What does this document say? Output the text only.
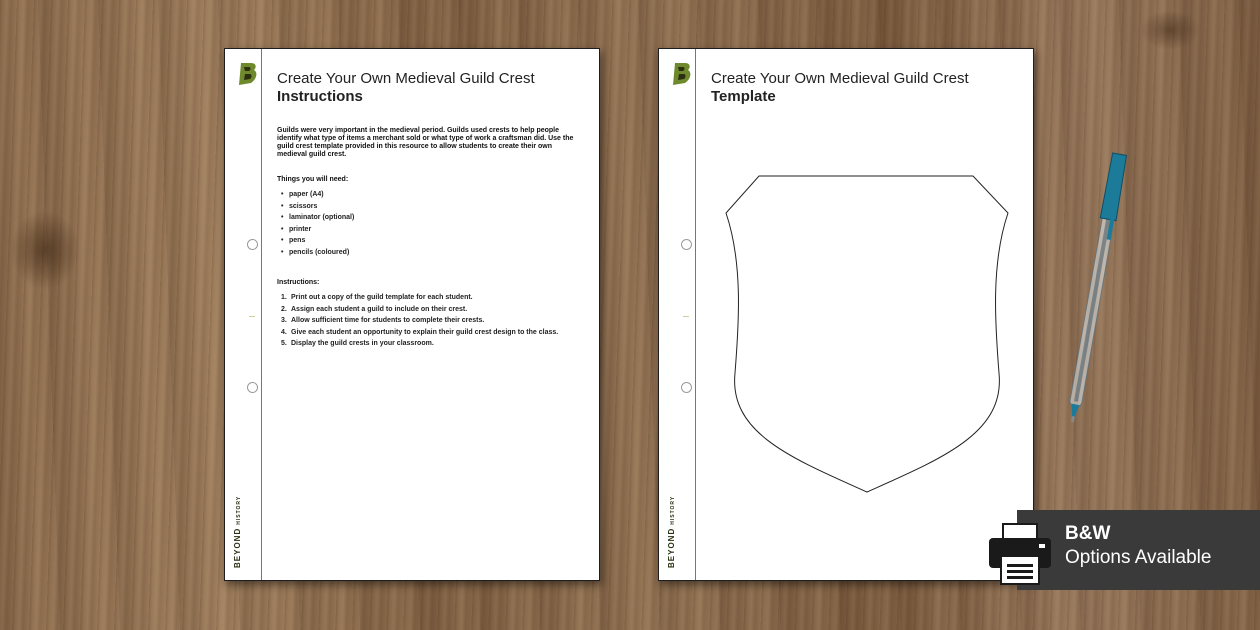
BEYOND
HISTORY
Create Your Own Medieval Guild Crest
Instructions
Guilds were very important in the medieval period. Guilds used crests to help people identify what type of items a merchant sold or what type of work a craftsman did. Use the guild crest template provided in this resource to allow students to create their own medieval guild crest.
Things you will need:
• paper (A4)
• scissors
• laminator (optional)
• printer
• pens
• pencils (coloured)
Instructions:
1. Print out a copy of the guild template for each student.
2. Assign each student a guild to include on their crest.
3. Allow sufficient time for students to complete their crests.
4. Give each student an opportunity to explain their guild crest design to the class.
5. Display the guild crests in your classroom.
BEYOND
HISTORY
Create Your Own Medieval Guild Crest
Template
B&W
Options Available
